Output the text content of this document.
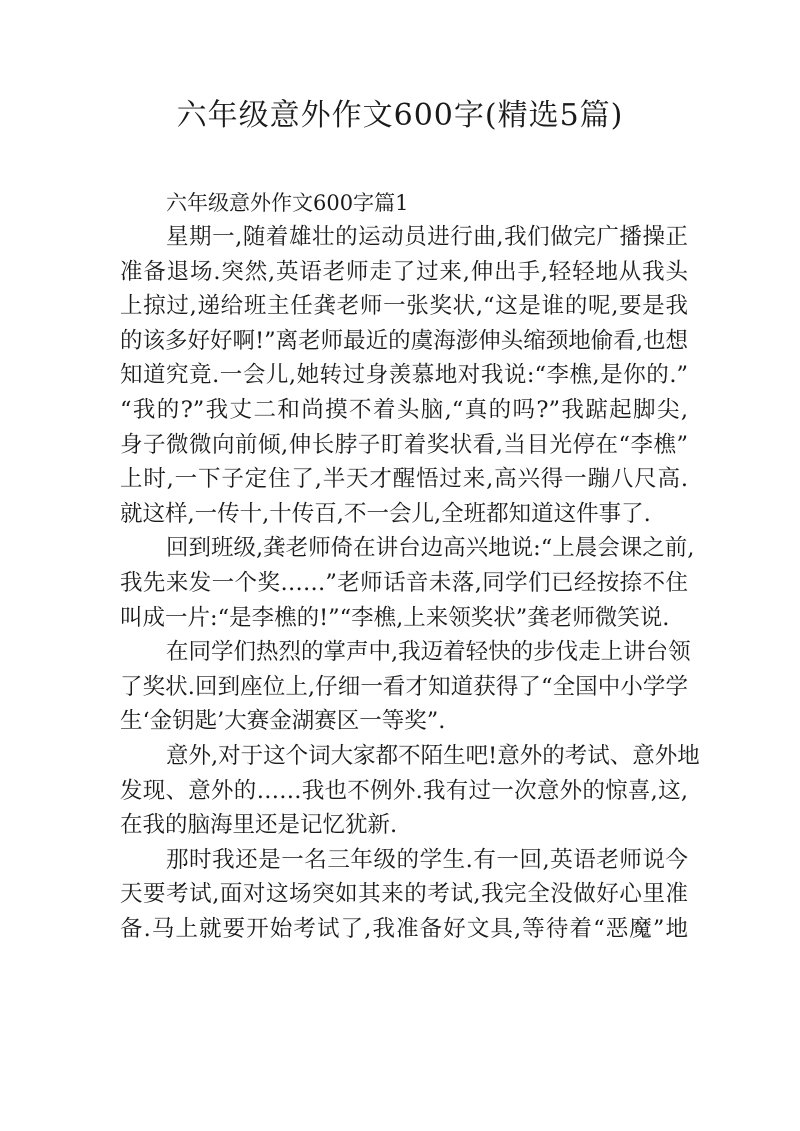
六年级意外作文600字(精选5篇)

六年级意外作文600字篇1

星期一,随着雄壮的运动员进行曲,我们做完广播操正
准备退场.突然,英语老师走了过来,伸出手,轻轻地从我头
上掠过,递给班主任龚老师一张奖状,“这是谁的呢,要是我
的该多好好啊!”离老师最近的虞海澎伸头缩颈地偷看,也想
知道究竟.一会儿,她转过身羡慕地对我说:“李樵,是你的.”
“我的?”我丈二和尚摸不着头脑,“真的吗?”我踮起脚尖,
身子微微向前倾,伸长脖子盯着奖状看,当目光停在“李樵”
上时,一下子定住了,半天才醒悟过来,高兴得一蹦八尺高.
就这样,一传十,十传百,不一会儿,全班都知道这件事了.

回到班级,龚老师倚在讲台边高兴地说:“上晨会课之前,
我先来发一个奖……”老师话音未落,同学们已经按捺不住
叫成一片:“是李樵的!”“李樵,上来领奖状”龚老师微笑说.

在同学们热烈的掌声中,我迈着轻快的步伐走上讲台领
了奖状.回到座位上,仔细一看才知道获得了“全国中小学学
生‘金钥匙’大赛金湖赛区一等奖”.

意外,对于这个词大家都不陌生吧!意外的考试、意外地
发现、意外的……我也不例外.我有过一次意外的惊喜,这,
在我的脑海里还是记忆犹新.

那时我还是一名三年级的学生.有一回,英语老师说今
天要考试,面对这场突如其来的考试,我完全没做好心里准
备.马上就要开始考试了,我准备好文具,等待着“恶魔”地
